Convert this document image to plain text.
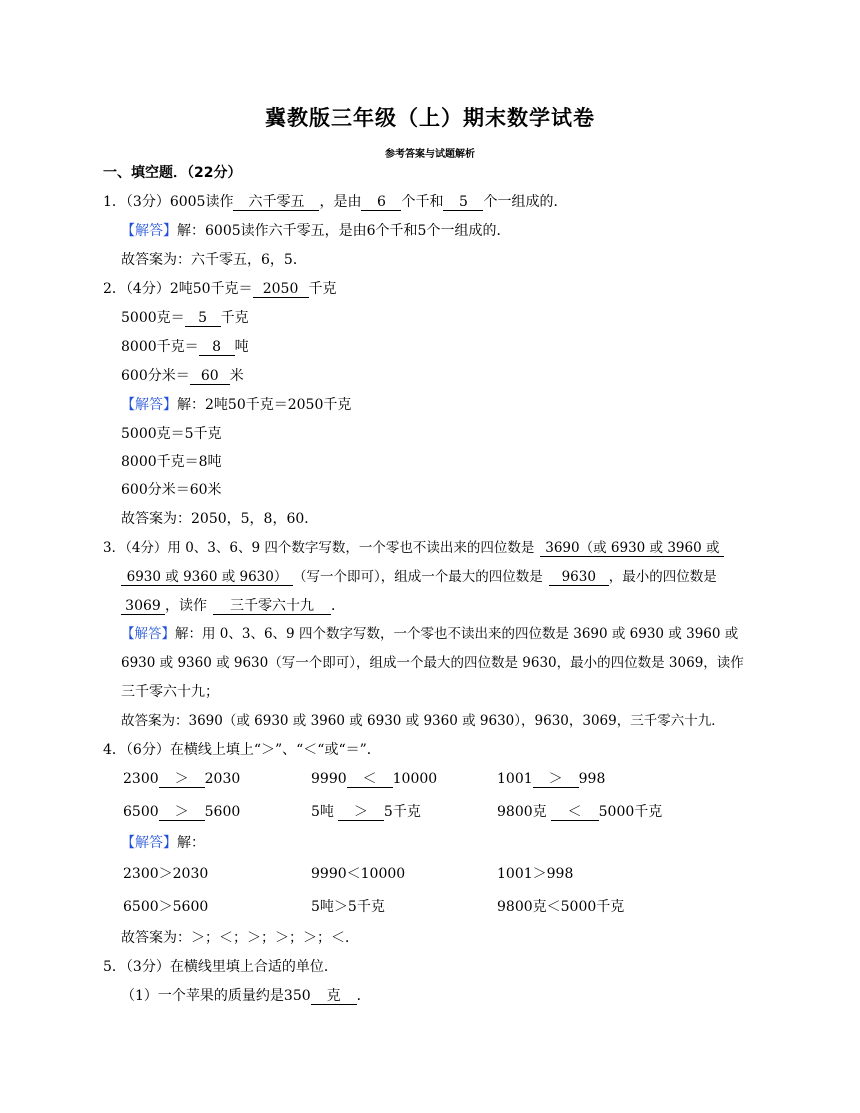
冀教版三年级（上）期末数学试卷
参考答案与试题解析
一、填空题．（22分）
1．（3分）6005读作 六千零五 ，是由 6 个千和 5 个一组成的．
【解答】解：6005读作六千零五，是由6个千和5个一组成的．
故答案为：六千零五，6，5．
2．（4分）2吨50千克＝ 2050 千克
5000克＝ 5 千克
8000千克＝ 8 吨
600分米＝ 60 米
【解答】解：2吨50千克＝2050千克
5000克＝5千克
8000千克＝8吨
600分米＝60米
故答案为：2050，5，8，60．
3．（4分）用 0、3、6、9 四个数字写数，一个零也不读出来的四位数是 3690（或 6930 或 3960 或
6930 或 9360 或 9630） （写一个即可），组成一个最大的四位数是 9630 ，最小的四位数是
3069 ，读作 三千零六十九 ．
【解答】解：用 0、3、6、9 四个数字写数，一个零也不读出来的四位数是 3690 或 6930 或 3960 或
6930 或 9360 或 9630（写一个即可），组成一个最大的四位数是 9630，最小的四位数是 3069，读作
三千零六十九；
故答案为：3690（或 6930 或 3960 或 6930 或 9360 或 9630），9630，3069，三千零六十九．
4．（6分）在横线上填上“＞”、“＜“或“＝”．
2300 ＞ 2030	9990 ＜ 10000	1001 ＞ 998
6500 ＞ 5600	5吨 ＞ 5千克	9800克 ＜ 5000千克
【解答】解：
2300＞2030	9990＜10000	1001＞998
6500＞5600	5吨＞5千克	9800克＜5000千克
故答案为：＞；＜；＞；＞；＞；＜．
5．（3分）在横线里填上合适的单位．
（1）一个苹果的质量约是350 克 ．
